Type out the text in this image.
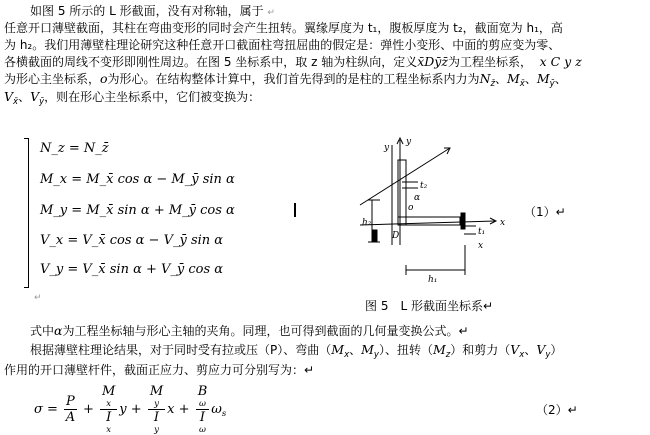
如图 5 所示的 L 形截面，没有对称轴，属于 ↵
任意开口薄壁截面，其柱在弯曲变形的同时会产生扭转。翼缘厚度为 t₁，腹板厚度为 t₂，截面宽为 h₁，高
为 h₂。我们用薄壁柱理论研究这种任意开口截面柱弯扭屈曲的假定是：弹性小变形、中面的剪应变为零、
各横截面的周线不变形即刚性周边。在图 5 坐标系中，取 z 轴为柱纵向，定义x̄Dȳz̄为工程坐标系， x C y z
为形心主坐标系，o为形心。在结构整体计算中，我们首先得到的是柱的工程坐标系内力为$N_{z̄}$、$M_{x̄}$、$M_ȳ$、
$V_{x̄}$、$V_ȳ$，则在形心主坐标系中，它们被变换为：
N_z = N_z̄
M_x = M_x̄ cos α − M_ȳ sin α
M_y = M_x̄ sin α + M_ȳ cos α
V_x = V_x̄ cos α − V_ȳ sin α
V_y = V_x̄ sin α + V_ȳ cos α
↵
（1）↵
y
y
x
x
t₂
t₁
h₁
h₂
o
D
α
图 5　L 形截面坐标系↵
式中α为工程坐标轴与形心主轴的夹角。同理，也可得到截面的几何量变换公式。↵
根据薄壁柱理论结果，对于同时受有拉或压（P）、弯曲（$M_x$、$M_y$）、扭转$(M_z)$和剪力（$V_x$、$V_y$）
作用的开口薄壁杆件，截面正应力、剪应力可分别写为：↵
$\sigma = \frac{P}{A} + M$
x
I
x y + M
y
I
y x + B
ω
I
ω $\omega_s$	（2）↵
